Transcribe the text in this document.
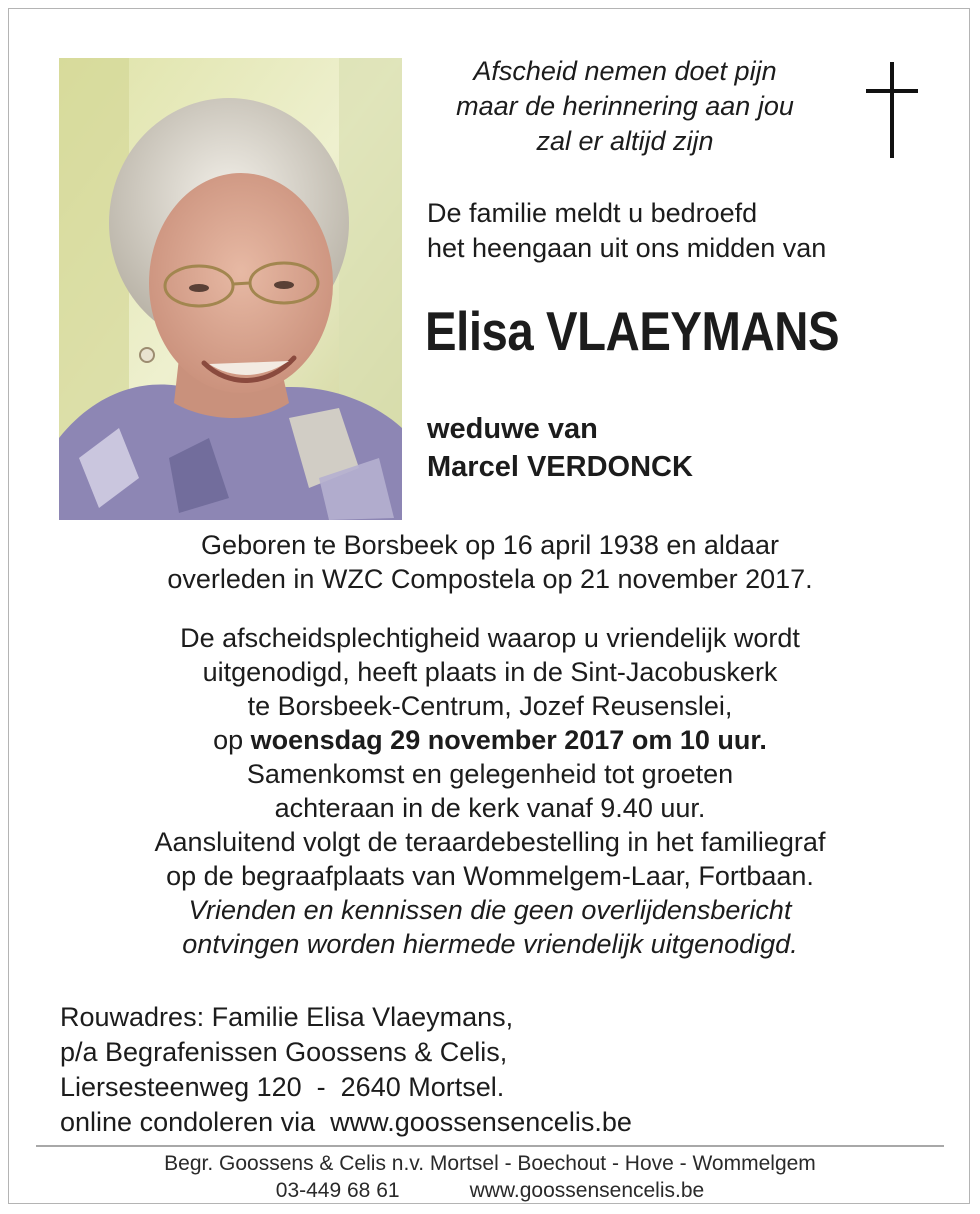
Afscheid nemen doet pijn
maar de herinnering aan jou
zal er altijd zijn
De familie meldt u bedroefd
het heengaan uit ons midden van
Elisa VLAEYMANS
weduwe van
Marcel VERDONCK
Geboren te Borsbeek op 16 april 1938 en aldaar
overleden in WZC Compostela op 21 november 2017.
De afscheidsplechtigheid waarop u vriendelijk wordt
uitgenodigd, heeft plaats in de Sint-Jacobuskerk
te Borsbeek-Centrum, Jozef Reusenslei,
op woensdag 29 november 2017 om 10 uur.
Samenkomst en gelegenheid tot groeten
achteraan in de kerk vanaf 9.40 uur.
Aansluitend volgt de teraardebestelling in het familiegraf
op de begraafplaats van Wommelgem-Laar, Fortbaan.
Vrienden en kennissen die geen overlijdensbericht
ontvingen worden hiermede vriendelijk uitgenodigd.
Rouwadres: Familie Elisa Vlaeymans,
p/a Begrafenissen Goossens & Celis,
Liersesteenweg 120  -  2640 Mortsel.
online condoleren via  www.goossensencelis.be
Begr. Goossens & Celis n.v. Mortsel - Boechout - Hove - Wommelgem
03-449 68 61            www.goossensencelis.be
